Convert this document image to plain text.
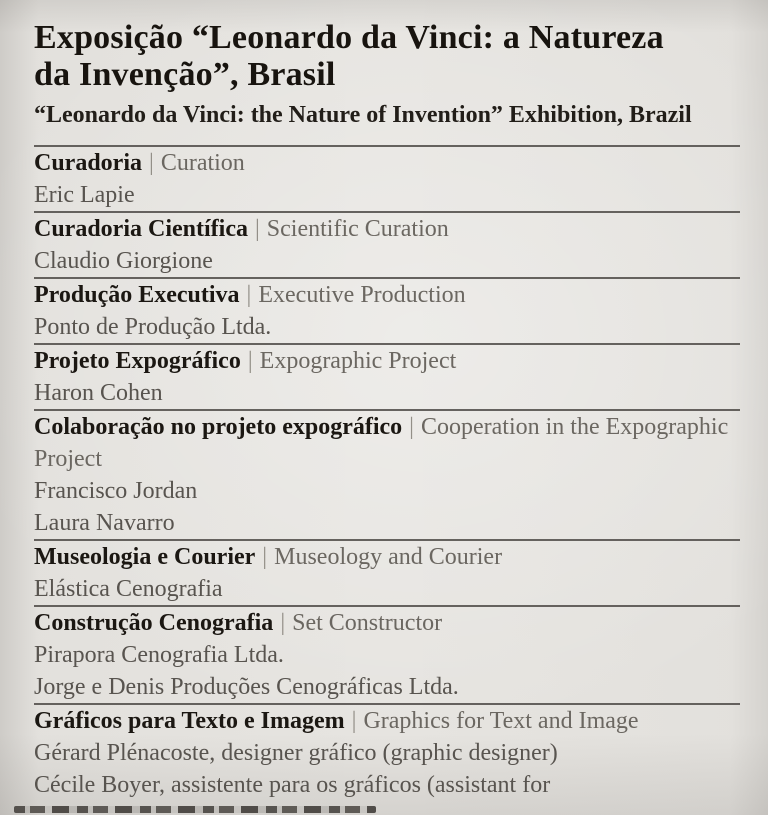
Exposição “Leonardo da Vinci: a Natureza
da Invenção”, Brasil
“Leonardo da Vinci: the Nature of Invention” Exhibition, Brazil
Curadoria | Curation
Eric Lapie
Curadoria Científica | Scientific Curation
Claudio Giorgione
Produção Executiva | Executive Production
Ponto de Produção Ltda.
Projeto Expográfico | Expographic Project
Haron Cohen
Colaboração no projeto expográfico | Cooperation in the Expographic Project
Francisco Jordan
Laura Navarro
Museologia e Courier | Museology and Courier
Elástica Cenografia
Construção Cenografia | Set Constructor
Pirapora Cenografia Ltda.
Jorge e Denis Produções Cenográficas Ltda.
Gráficos para Texto e Imagem | Graphics for Text and Image
Gérard Plénacoste, designer gráfico (graphic designer)
Cécile Boyer, assistente para os gráficos (assistant for
